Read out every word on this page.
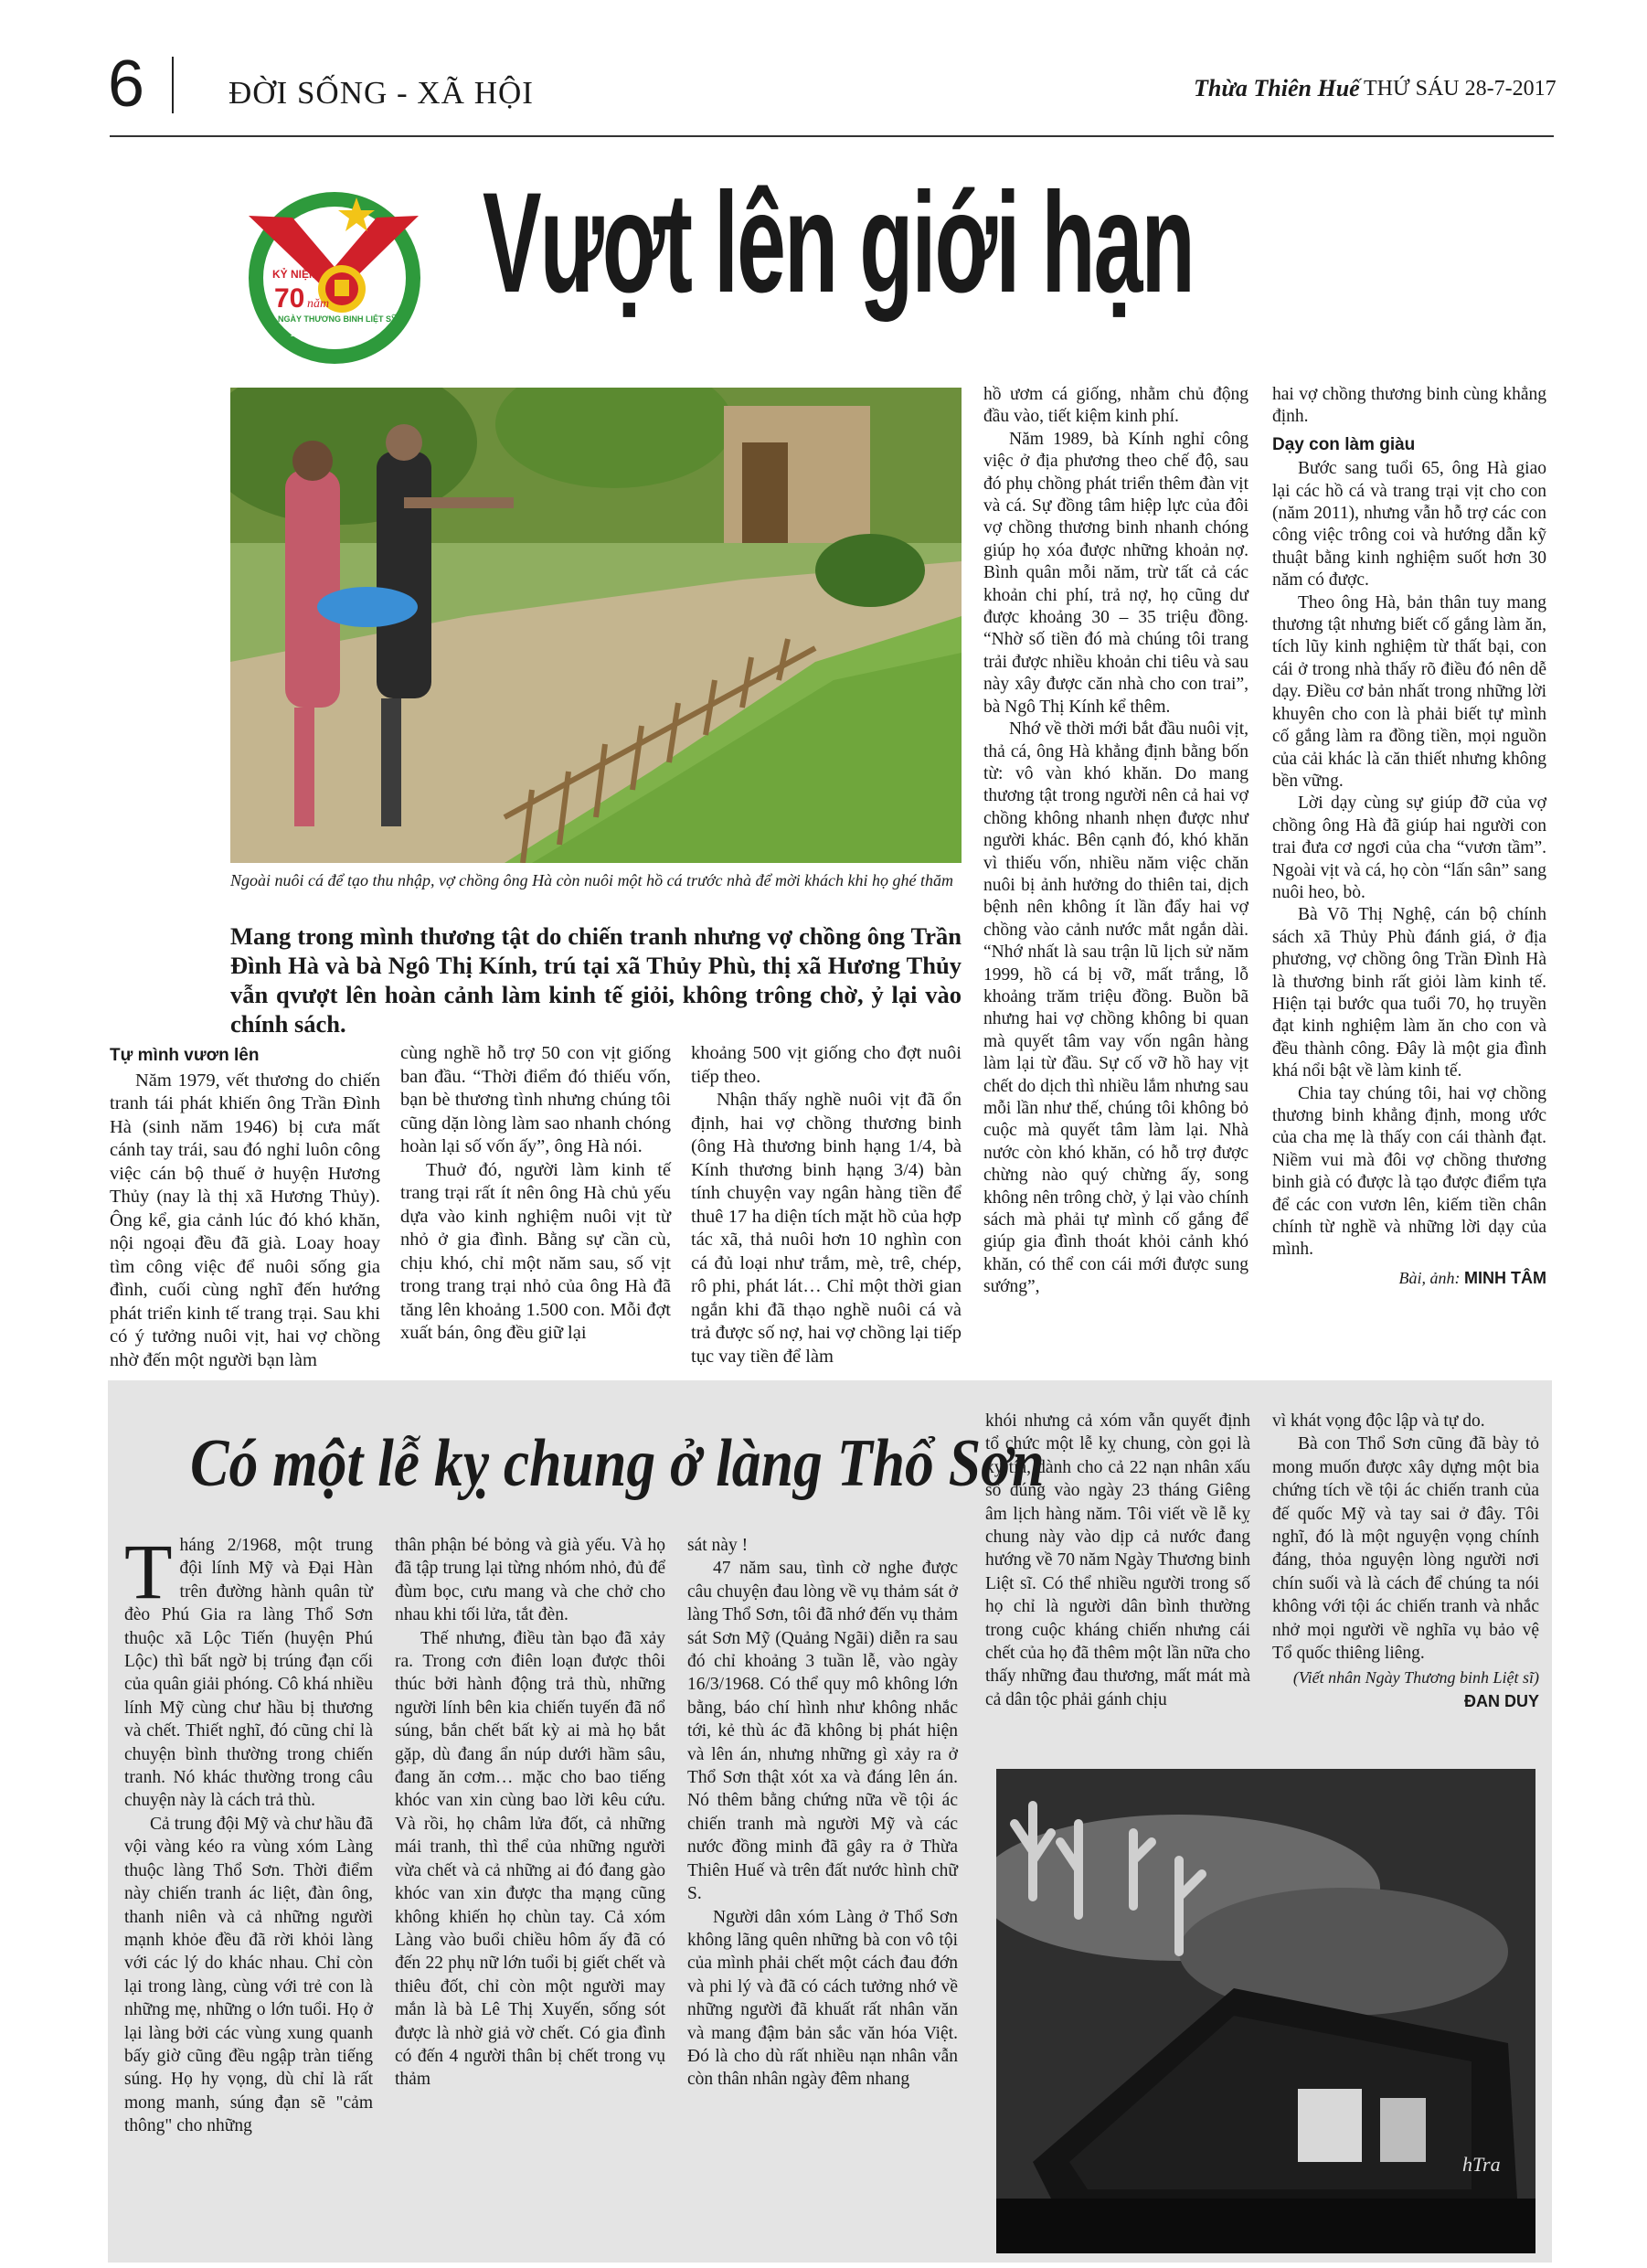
6	ĐỜI SỐNG - XÃ HỘI	Thừa Thiên Huế THỨ SÁU 28-7-2017
KỶ NIỆM
70 năm
NGÀY THƯƠNG BINH LIỆT SỸ
27/7/1947 - 27/7/2017
Vượt lên giới hạn
Ngoài nuôi cá để tạo thu nhập, vợ chồng ông Hà còn nuôi một hồ cá trước nhà để mời khách khi họ ghé thăm
Mang trong mình thương tật do chiến tranh nhưng vợ chồng ông Trần Đình Hà và bà Ngô Thị Kính, trú tại xã Thủy Phù, thị xã Hương Thủy vẫn qvượt lên hoàn cảnh làm kinh tế giỏi, không trông chờ, ỷ lại vào chính sách.
Tự mình vươn lên

Năm 1979, vết thương do chiến tranh tái phát khiến ông Trần Đình Hà (sinh năm 1946) bị cưa mất cánh tay trái, sau đó nghỉ luôn công việc cán bộ thuế ở huyện Hương Thủy (nay là thị xã Hương Thủy). Ông kể, gia cảnh lúc đó khó khăn, nội ngoại đều đã già. Loay hoay tìm công việc để nuôi sống gia đình, cuối cùng nghĩ đến hướng phát triển kinh tế trang trại. Sau khi có ý tưởng nuôi vịt, hai vợ chồng nhờ đến một người bạn làm

cùng nghề hỗ trợ 50 con vịt giống ban đầu. “Thời điểm đó thiếu vốn, bạn bè thương tình nhưng chúng tôi cũng dặn lòng làm sao nhanh chóng hoàn lại số vốn ấy”, ông Hà nói.

Thuở đó, người làm kinh tế trang trại rất ít nên ông Hà chủ yếu dựa vào kinh nghiệm nuôi vịt từ nhỏ ở gia đình. Bằng sự cần cù, chịu khó, chỉ một năm sau, số vịt trong trang trại nhỏ của ông Hà đã tăng lên khoảng 1.500 con. Mỗi đợt xuất bán, ông đều giữ lại

khoảng 500 vịt giống cho đợt nuôi tiếp theo.

Nhận thấy nghề nuôi vịt đã ổn định, hai vợ chồng thương binh (ông Hà thương binh hạng 1/4, bà Kính thương binh hạng 3/4) bàn tính chuyện vay ngân hàng tiền để thuê 17 ha diện tích mặt hồ của hợp tác xã, thả nuôi hơn 10 nghìn con cá đủ loại như trắm, mè, trê, chép, rô phi, phát lát… Chỉ một thời gian ngắn khi đã thạo nghề nuôi cá và trả được số nợ, hai vợ chồng lại tiếp tục vay tiền để làm

hồ ươm cá giống, nhằm chủ động đầu vào, tiết kiệm kinh phí.

Năm 1989, bà Kính nghỉ công việc ở địa phương theo chế độ, sau đó phụ chồng phát triển thêm đàn vịt và cá. Sự đồng tâm hiệp lực của đôi vợ chồng thương binh nhanh chóng giúp họ xóa được những khoản nợ. Bình quân mỗi năm, trừ tất cả các khoản chi phí, trả nợ, họ cũng dư được khoảng 30 – 35 triệu đồng. “Nhờ số tiền đó mà chúng tôi trang trải được nhiều khoản chi tiêu và sau này xây được căn nhà cho con trai”, bà Ngô Thị Kính kể thêm.

Nhớ về thời mới bắt đầu nuôi vịt, thả cá, ông Hà khẳng định bằng bốn từ: vô vàn khó khăn. Do mang thương tật trong người nên cả hai vợ chồng không nhanh nhẹn được như người khác. Bên cạnh đó, khó khăn vì thiếu vốn, nhiều năm việc chăn nuôi bị ảnh hưởng do thiên tai, dịch bệnh nên không ít lần đẩy hai vợ chồng vào cảnh nước mắt ngắn dài. “Nhớ nhất là sau trận lũ lịch sử năm 1999, hồ cá bị vỡ, mất trắng, lỗ khoảng trăm triệu đồng. Buồn bã nhưng hai vợ chồng không bi quan mà quyết tâm vay vốn ngân hàng làm lại từ đầu. Sự cố vỡ hồ hay vịt chết do dịch thì nhiều lắm nhưng sau mỗi lần như thế, chúng tôi không bỏ cuộc mà quyết tâm làm lại. Nhà nước còn khó khăn, có hỗ trợ được chừng nào quý chừng ấy, song không nên trông chờ, ỷ lại vào chính sách mà phải tự mình cố gắng để giúp gia đình thoát khỏi cảnh khó khăn, có thể con cái mới được sung sướng”,

hai vợ chồng thương binh cùng khẳng định.

Dạy con làm giàu

Bước sang tuổi 65, ông Hà giao lại các hồ cá và trang trại vịt cho con (năm 2011), nhưng vẫn hỗ trợ các con công việc trông coi và hướng dẫn kỹ thuật bằng kinh nghiệm suốt hơn 30 năm có được.

Theo ông Hà, bản thân tuy mang thương tật nhưng biết cố gắng làm ăn, tích lũy kinh nghiệm từ thất bại, con cái ở trong nhà thấy rõ điều đó nên dễ dạy. Điều cơ bản nhất trong những lời khuyên cho con là phải biết tự mình cố gắng làm ra đồng tiền, mọi nguồn của cải khác là căn thiết nhưng không bền vững.

Lời dạy cùng sự giúp đỡ của vợ chồng ông Hà đã giúp hai người con trai đưa cơ ngơi của cha “vươn tầm”. Ngoài vịt và cá, họ còn “lấn sân” sang nuôi heo, bò.

Bà Võ Thị Nghệ, cán bộ chính sách xã Thủy Phù đánh giá, ở địa phương, vợ chồng ông Trần Đình Hà là thương binh rất giỏi làm kinh tế. Hiện tại bước qua tuổi 70, họ truyền đạt kinh nghiệm làm ăn cho con và đều thành công. Đây là một gia đình khá nổi bật về làm kinh tế.

Chia tay chúng tôi, hai vợ chồng thương binh khẳng định, mong ước của cha mẹ là thấy con cái thành đạt. Niềm vui mà đôi vợ chồng thương binh già có được là tạo được điểm tựa để các con vươn lên, kiếm tiền chân chính từ nghề và những lời dạy của mình.

Bài, ảnh: MINH TÂM
Có một lễ kỵ chung ở làng Thổ Sơn

Tháng 2/1968, một trung đội lính Mỹ và Đại Hàn trên đường hành quân từ đèo Phú Gia ra làng Thổ Sơn thuộc xã Lộc Tiến (huyện Phú Lộc) thì bất ngờ bị trúng đạn cối của quân giải phóng. Cô khá nhiều lính Mỹ cùng chư hầu bị thương và chết. Thiết nghĩ, đó cũng chỉ là chuyện bình thường trong chiến tranh. Nó khác thường trong câu chuyện này là cách trả thù.

Cả trung đội Mỹ và chư hầu đã vội vàng kéo ra vùng xóm Làng thuộc làng Thổ Sơn. Thời điểm này chiến tranh ác liệt, đàn ông, thanh niên và cả những người mạnh khỏe đều đã rời khỏi làng với các lý do khác nhau. Chỉ còn lại trong làng, cùng với trẻ con là những mẹ, những o lớn tuổi. Họ ở lại làng bởi các vùng xung quanh bấy giờ cũng đều ngập tràn tiếng súng. Họ hy vọng, dù chỉ là rất mong manh, súng đạn sẽ "cảm thông" cho những

thân phận bé bỏng và già yếu. Và họ đã tập trung lại từng nhóm nhỏ, đủ để đùm bọc, cưu mang và che chở cho nhau khi tối lửa, tắt đèn.

Thế nhưng, điều tàn bạo đã xảy ra. Trong cơn điên loạn được thôi thúc bởi hành động trả thù, những người lính bên kia chiến tuyến đã nổ súng, bắn chết bất kỳ ai mà họ bắt gặp, dù đang ẩn núp dưới hầm sâu, đang ăn cơm… mặc cho bao tiếng khóc van xin cùng bao lời kêu cứu. Và rồi, họ châm lửa đốt, cả những mái tranh, thì thể của những người vừa chết và cả những ai đó đang gào khóc van xin được tha mạng cũng không khiến họ chùn tay. Cả xóm Làng vào buổi chiều hôm ấy đã có đến 22 phụ nữ lớn tuổi bị giết chết và thiêu đốt, chỉ còn một người may mắn là bà Lê Thị Xuyến, sống sót được là nhờ giả vờ chết. Có gia đình có đến 4 người thân bị chết trong vụ thảm

sát này !

47 năm sau, tình cờ nghe được câu chuyện đau lòng về vụ thảm sát ở làng Thổ Sơn, tôi đã nhớ đến vụ thảm sát Sơn Mỹ (Quảng Ngãi) diễn ra sau đó chỉ khoảng 3 tuần lễ, vào ngày 16/3/1968. Có thể quy mô không lớn bằng, báo chí hình như không nhắc tới, kẻ thù ác đã không bị phát hiện và lên án, nhưng những gì xảy ra ở Thổ Sơn thật xót xa và đáng lên án. Nó thêm bằng chứng nữa về tội ác chiến tranh mà người Mỹ và các nước đồng minh đã gây ra ở Thừa Thiên Huế và trên đất nước hình chữ S.

Người dân xóm Làng ở Thổ Sơn không lãng quên những bà con vô tội của mình phải chết một cách đau đớn và phi lý và đã có cách tưởng nhớ về những người đã khuất rất nhân văn và mang đậm bản sắc văn hóa Việt. Đó là cho dù rất nhiều nạn nhân vẫn còn thân nhân ngày đêm nhang

khói nhưng cả xóm vẫn quyết định tổ chức một lễ kỵ chung, còn gọi là kỵ tía, dành cho cả 22 nạn nhân xấu số đúng vào ngày 23 tháng Giêng âm lịch hàng năm. Tôi viết về lễ kỵ chung này vào dịp cả nước đang hướng về 70 năm Ngày Thương binh Liệt sĩ. Có thể nhiều người trong số họ chỉ là người dân bình thường trong cuộc kháng chiến nhưng cái chết của họ đã thêm một lần nữa cho thấy những đau thương, mất mát mà cả dân tộc phải gánh chịu

vì khát vọng độc lập và tự do.

Bà con Thổ Sơn cũng đã bày tỏ mong muốn được xây dựng một bia chứng tích về tội ác chiến tranh của đế quốc Mỹ và tay sai ở đây. Tôi nghĩ, đó là một nguyện vọng chính đáng, thỏa nguyện lòng người nơi chín suối và là cách để chúng ta nói không với tội ác chiến tranh và nhắc nhở mọi người về nghĩa vụ bảo vệ Tổ quốc thiêng liêng.

(Viết nhân Ngày Thương binh Liệt sĩ)
ĐAN DUY
hTra
